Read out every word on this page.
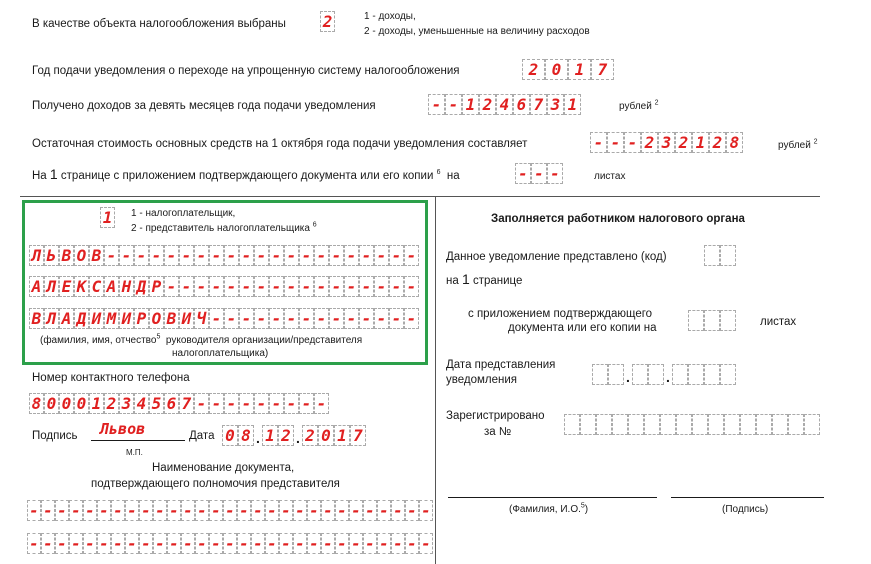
В качестве объекта налогообложения выбраны 2	1 - доходы,
2 - доходы, уменьшенные на величину расходов
Год подачи уведомления о переходе на упрощенную систему налогообложения	2 0 1 7
Получено доходов за девять месяцев года подачи уведомления	- - 1 2 4 6 7 3 1	рублей $^2$
Остаточная стоимость основных средств на 1 октября года подачи уведомления составляет	- - - 2 3 2 1 2 8	рублей $^2$
На 1 странице с приложением подтверждающего документа или его копии $^6$ на	- - -	листах
1 1 - налогоплательщик,
2 - представитель налогоплательщика $^6$
Л Ь В О В - - - - - - - - - - - - - - - - - - - - -
А Л Е К С А Н Д Р - - - - - - - - - - - - - - - - -
В Л А Д И М И Р О В И Ч - - - - - - - - - - - - - -
(фамилия, имя, отчество$^5$ руководителя организации/представителя
налогоплательщика)
Номер контактного телефона
8 0 0 0 1 2 3 4 5 6 7 - - - - - - - - -
Подпись Львов
М.П.
Дата 0 8 . 1 2 . 2 0 1 7
Наименование документа,
подтверждающего полномочия представителя
- - - - - - - - - - - - - - - - - - - - - - - - - - - - -
- - - - - - - - - - - - - - - - - - - - - - - - - - - - -
Заполняется работником налогового органа
Данное уведомление представлено (код)
на 1 странице
с приложением подтверждающего
документа или его копии на	листах
Дата представления
уведомления	.	.
Зарегистрировано
за №
(Фамилия, И.О.$^5$)	(Подпись)
